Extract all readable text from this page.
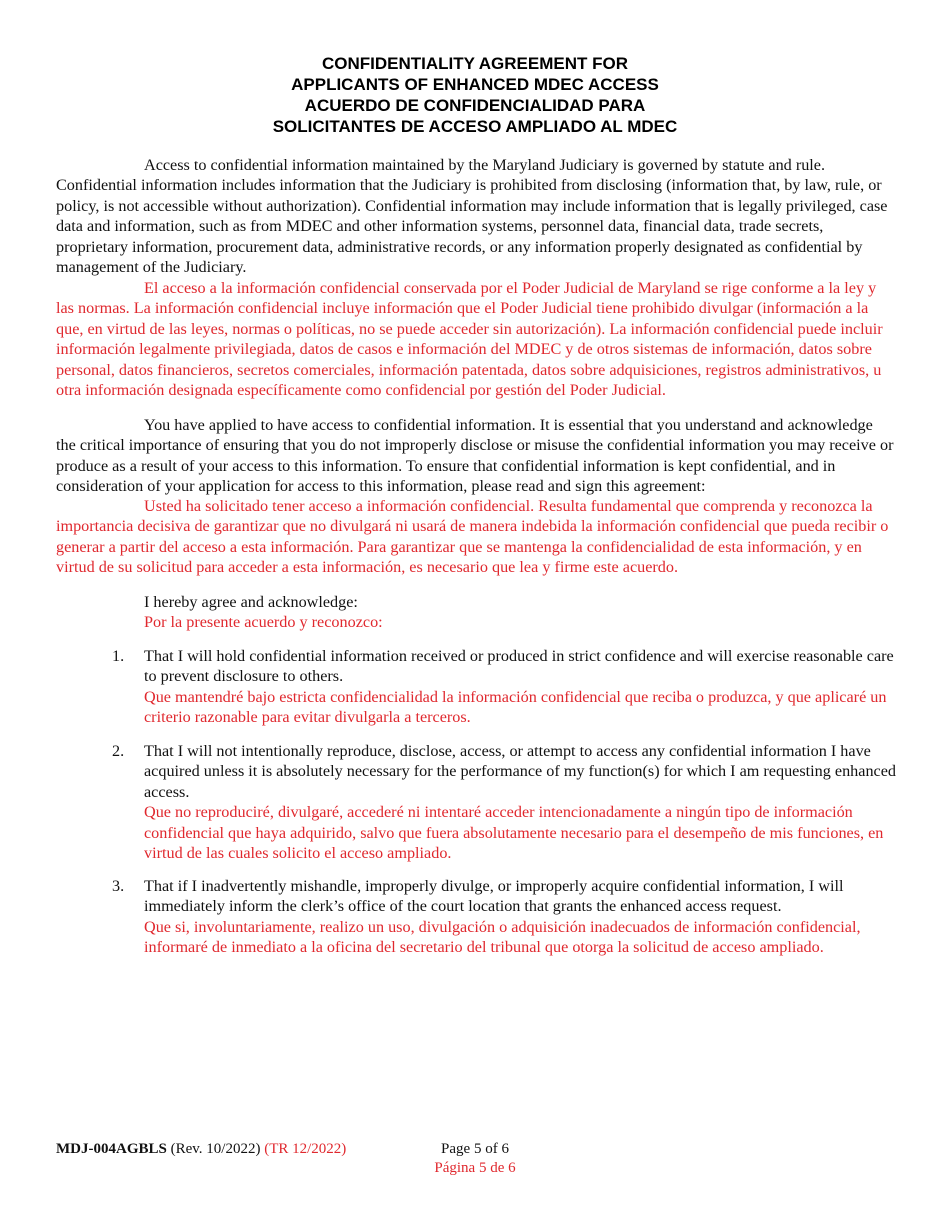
CONFIDENTIALITY AGREEMENT FOR
APPLICANTS OF ENHANCED MDEC ACCESS
ACUERDO DE CONFIDENCIALIDAD PARA
SOLICITANTES DE ACCESO AMPLIADO AL MDEC

Access to confidential information maintained by the Maryland Judiciary is governed by statute and rule. Confidential information includes information that the Judiciary is prohibited from disclosing (information that, by law, rule, or policy, is not accessible without authorization). Confidential information may include information that is legally privileged, case data and information, such as from MDEC and other information systems, personnel data, financial data, trade secrets, proprietary information, procurement data, administrative records, or any information properly designated as confidential by management of the Judiciary.

El acceso a la información confidencial conservada por el Poder Judicial de Maryland se rige conforme a la ley y las normas. La información confidencial incluye información que el Poder Judicial tiene prohibido divulgar (información a la que, en virtud de las leyes, normas o políticas, no se puede acceder sin autorización). La información confidencial puede incluir información legalmente privilegiada, datos de casos e información del MDEC y de otros sistemas de información, datos sobre personal, datos financieros, secretos comerciales, información patentada, datos sobre adquisiciones, registros administrativos, u otra información designada específicamente como confidencial por gestión del Poder Judicial.

You have applied to have access to confidential information. It is essential that you understand and acknowledge the critical importance of ensuring that you do not improperly disclose or misuse the confidential information you may receive or produce as a result of your access to this information. To ensure that confidential information is kept confidential, and in consideration of your application for access to this information, please read and sign this agreement:

Usted ha solicitado tener acceso a información confidencial. Resulta fundamental que comprenda y reconozca la importancia decisiva de garantizar que no divulgará ni usará de manera indebida la información confidencial que pueda recibir o generar a partir del acceso a esta información. Para garantizar que se mantenga la confidencialidad de esta información, y en virtud de su solicitud para acceder a esta información, es necesario que lea y firme este acuerdo.

I hereby agree and acknowledge:
Por la presente acuerdo y reconozco:
1.	That I will hold confidential information received or produced in strict confidence and will exercise reasonable care to prevent disclosure to others.

Que mantendré bajo estricta confidencialidad la información confidencial que reciba o produzca, y que aplicaré un criterio razonable para evitar divulgarla a terceros.

2.	That I will not intentionally reproduce, disclose, access, or attempt to access any confidential information I have acquired unless it is absolutely necessary for the performance of my function(s) for which I am requesting enhanced access.

Que no reproduciré, divulgaré, accederé ni intentaré acceder intencionadamente a ningún tipo de información confidencial que haya adquirido, salvo que fuera absolutamente necesario para el desempeño de mis funciones, en virtud de las cuales solicito el acceso ampliado.

3.	That if I inadvertently mishandle, improperly divulge, or improperly acquire confidential information, I will immediately inform the clerk’s office of the court location that grants the enhanced access request.

Que si, involuntariamente, realizo un uso, divulgación o adquisición inadecuados de información confidencial, informaré de inmediato a la oficina del secretario del tribunal que otorga la solicitud de acceso ampliado.

MDJ-004AGBLS (Rev. 10/2022) (TR 12/2022)	Page 5 of 6
Página 5 de 6
